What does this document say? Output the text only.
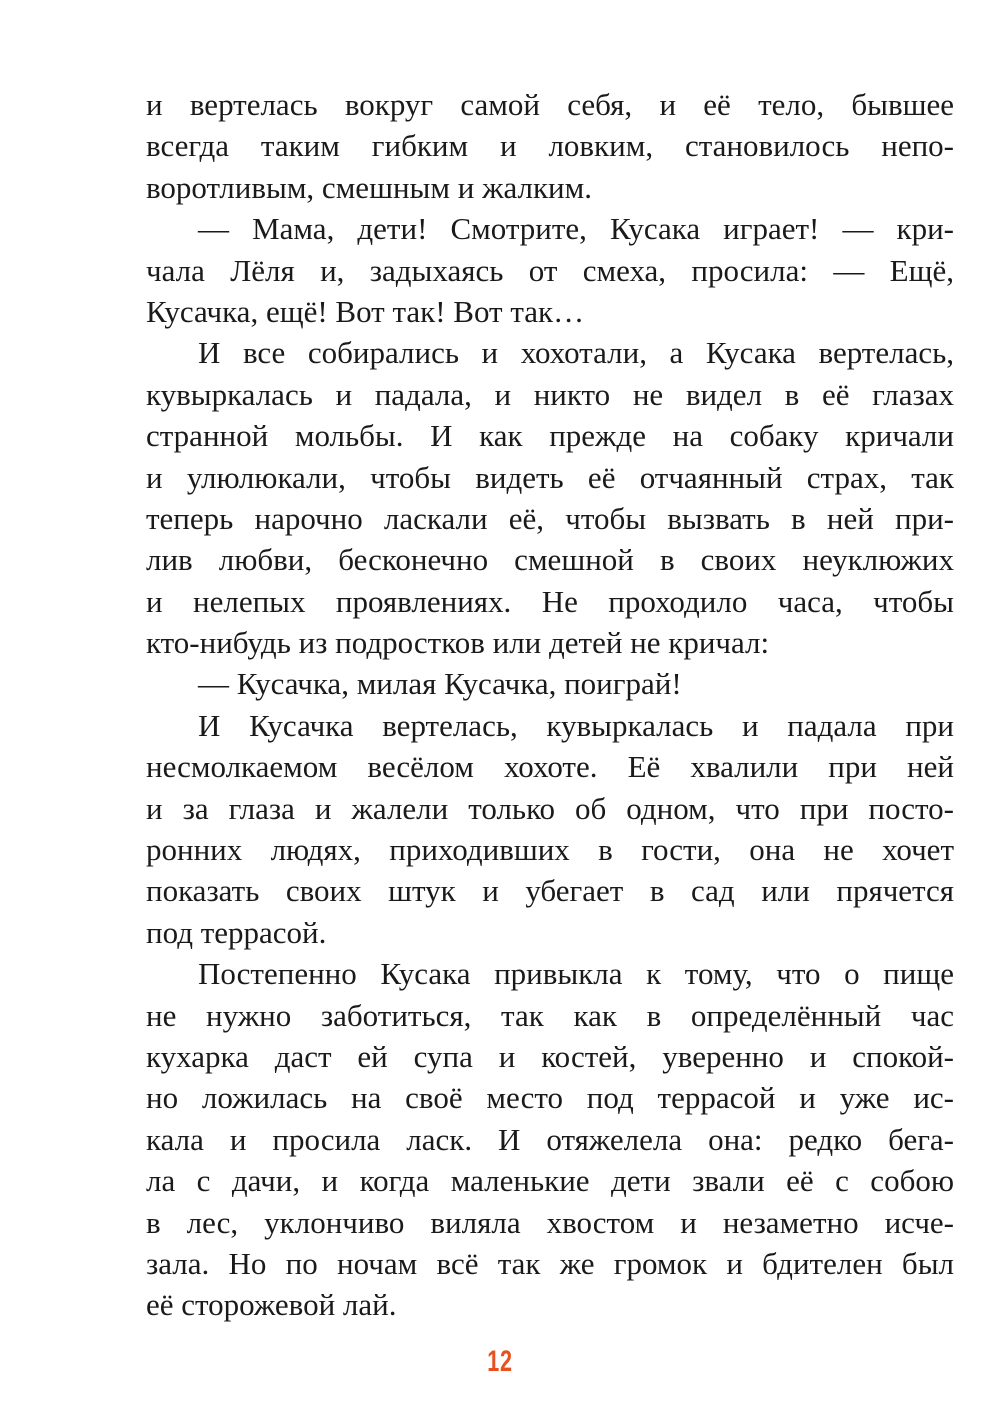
и вертелась вокруг самой себя, и её тело, бывшее
всегда таким гибким и ловким, становилось непо-
воротливым, смешным и жалким.
— Мама, дети! Смотрите, Кусака играет! — кри-
чала Лёля и, задыхаясь от смеха, просила: — Ещё,
Кусачка, ещё! Вот так! Вот так…
И все собирались и хохотали, а Кусака вертелась,
кувыркалась и падала, и никто не видел в её глазах
странной мольбы. И как прежде на собаку кричали
и улюлюкали, чтобы видеть её отчаянный страх, так
теперь нарочно ласкали её, чтобы вызвать в ней при-
лив любви, бесконечно смешной в своих неуклюжих
и нелепых проявлениях. Не проходило часа, чтобы
кто-нибудь из подростков или детей не кричал:
— Кусачка, милая Кусачка, поиграй!
И Кусачка вертелась, кувыркалась и падала при
несмолкаемом весёлом хохоте. Её хвалили при ней
и за глаза и жалели только об одном, что при посто-
ронних людях, приходивших в гости, она не хочет
показать своих штук и убегает в сад или прячется
под террасой.
Постепенно Кусака привыкла к тому, что о пище
не нужно заботиться, так как в определённый час
кухарка даст ей супа и костей, уверенно и спокой-
но ложилась на своё место под террасой и уже ис-
кала и просила ласк. И отяжелела она: редко бега-
ла с дачи, и когда маленькие дети звали её с собою
в лес, уклончиво виляла хвостом и незаметно исче-
зала. Но по ночам всё так же громок и бдителен был
её сторожевой лай.
12
